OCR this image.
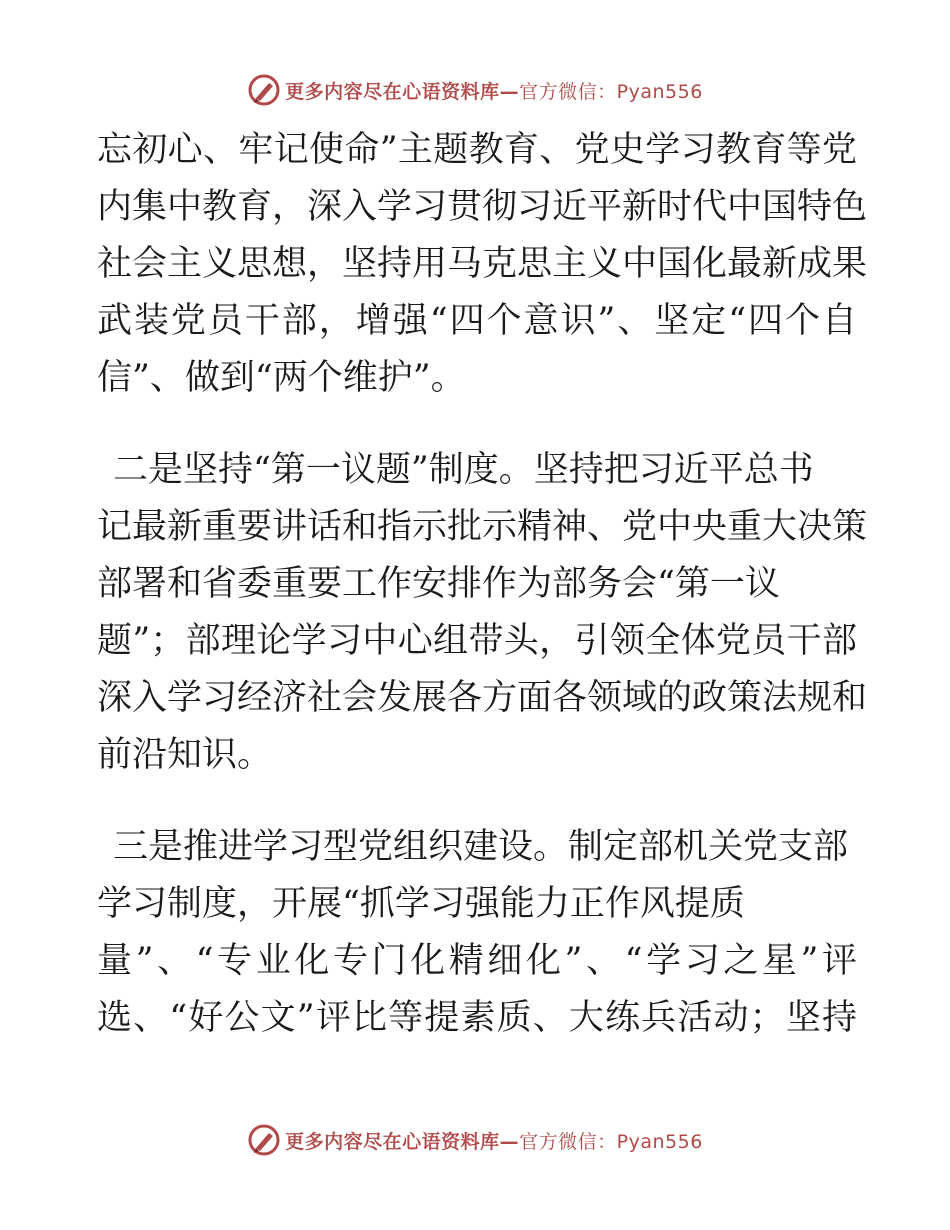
更多内容尽在心语资料库—官方微信：Pyan556
忘初心、牢记使命”主题教育、党史学习教育等党
内集中教育，深入学习贯彻习近平新时代中国特色
社会主义思想，坚持用马克思主义中国化最新成果
武装党员干部，增强“四个意识”、坚定“四个自
信”、做到“两个维护”。
二是坚持“第一议题”制度。坚持把习近平总书
记最新重要讲话和指示批示精神、党中央重大决策
部署和省委重要工作安排作为部务会“第一议
题”；部理论学习中心组带头，引领全体党员干部
深入学习经济社会发展各方面各领域的政策法规和
前沿知识。
三是推进学习型党组织建设。制定部机关党支部
学习制度，开展“抓学习强能力正作风提质
量”、“专业化专门化精细化”、“学习之星”评
选、“好公文”评比等提素质、大练兵活动；坚持
更多内容尽在心语资料库—官方微信：Pyan556
